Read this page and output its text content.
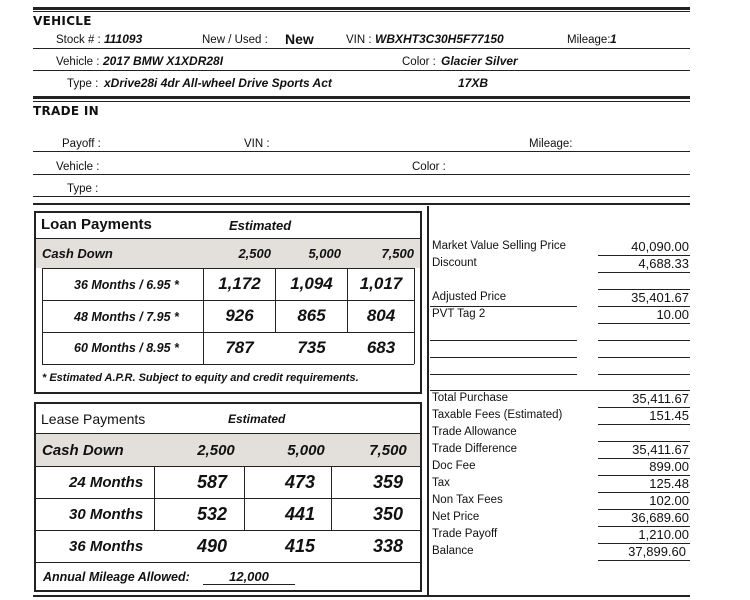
VEHICLE
Stock # : 111093	New / Used : New	VIN : WBXHT3C30H5F77150	Mileage: 1
Vehicle : 2017 BMW X1XDR28I	Color : Glacier Silver
Type : xDrive28i 4dr All-wheel Drive Sports Act	17XB
TRADE IN
Payoff :	VIN :	Mileage:
Vehicle :	Color :
Type :
Loan Payments	Estimated
Cash Down	2,500	5,000	7,500
36 Months / 6.95 *	1,172	1,094	1,017
48 Months / 7.95 *	926	865	804
60 Months / 8.95 *	787	735	683
* Estimated A.P.R. Subject to equity and credit requirements.
Lease Payments	Estimated
Cash Down	2,500	5,000	7,500
24 Months	587	473	359
30 Months	532	441	350
36 Months	490	415	338
Annual Mileage Allowed:	12,000
Market Value Selling Price	40,090.00
Discount	4,688.33
Adjusted Price	35,401.67
PVT Tag 2	10.00
Total Purchase	35,411.67
Taxable Fees (Estimated)	151.45
Trade Allowance
Trade Difference	35,411.67
Doc Fee	899.00
Tax	125.48
Non Tax Fees	102.00
Net Price	36,689.60
Trade Payoff	1,210.00
Balance	37,899.60
